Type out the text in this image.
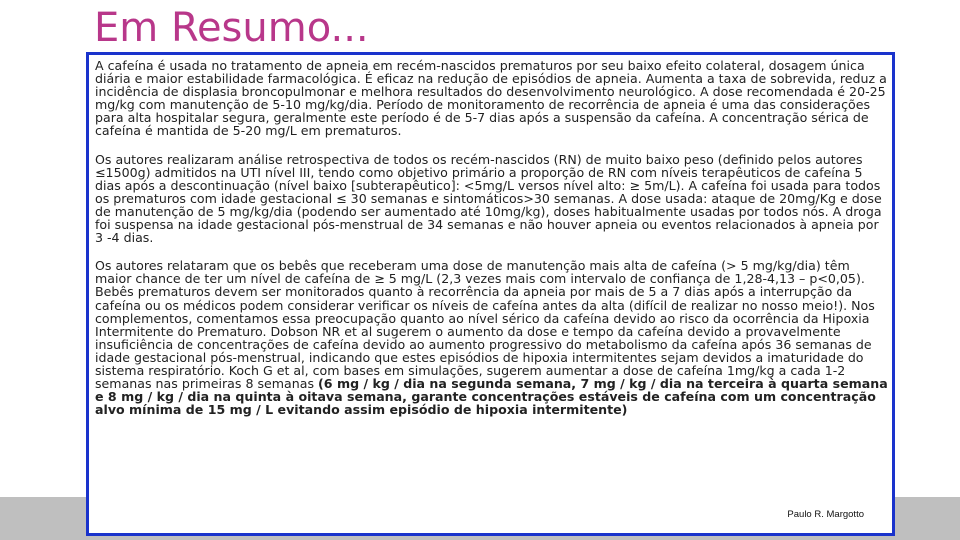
Em Resumo...

A cafeína é usada no tratamento de apneia em recém-nascidos prematuros por seu baixo efeito colateral, dosagem única diária e maior estabilidade farmacológica. É eficaz na redução de episódios de apneia. Aumenta a taxa de sobrevida, reduz a incidência de displasia broncopulmonar e melhora resultados do desenvolvimento neurológico. A dose recomendada é 20-25 mg/kg com manutenção de 5-10 mg/kg/dia. Período de monitoramento de recorrência de apneia é uma das considerações para alta hospitalar segura, geralmente este período é de 5-7 dias após a suspensão da cafeína. A concentração sérica de cafeína é mantida de 5-20 mg/L em prematuros.

Os autores realizaram análise retrospectiva de todos os recém-nascidos (RN) de muito baixo peso (definido pelos autores ≤1500g) admitidos na UTI nível III, tendo como objetivo primário a proporção de RN com níveis terapêuticos de cafeína 5 dias após a descontinuação (nível baixo [subterapêutico]: <5mg/L versos nível alto: ≥ 5m/L). A cafeína foi usada para todos os prematuros com idade gestacional ≤ 30 semanas e sintomáticos>30 semanas. A dose usada: ataque de 20mg/Kg e dose de manutenção de 5 mg/kg/dia (podendo ser aumentado até 10mg/kg), doses habitualmente usadas por todos nós. A droga foi suspensa na idade gestacional pós-menstrual de 34 semanas e não houver apneia ou eventos relacionados à apneia por 3 -4 dias.

Os autores relataram que os bebês que receberam uma dose de manutenção mais alta de cafeína (> 5 mg/kg/dia) têm maior chance de ter um nível de cafeína de ≥ 5 mg/L (2,3 vezes mais com intervalo de confiança de 1,28-4,13 – p<0,05). Bebês prematuros devem ser monitorados quanto à recorrência da apneia por mais de 5 a 7 dias após a interrupção da cafeína ou os médicos podem considerar verificar os níveis de cafeína antes da alta (difícil de realizar no nosso meio!). Nos complementos, comentamos essa preocupação quanto ao nível sérico da cafeína devido ao risco da ocorrência da Hipoxia Intermitente do Prematuro. Dobson NR et al sugerem o aumento da dose e tempo da cafeína devido a provavelmente insuficiência de concentrações de cafeína devido ao aumento progressivo do metabolismo da cafeína após 36 semanas de idade gestacional pós-menstrual, indicando que estes episódios de hipoxia intermitentes sejam devidos a imaturidade do sistema respiratório. Koch G et al, com bases em simulações, sugerem aumentar a dose de cafeína 1mg/kg a cada 1-2 semanas nas primeiras 8 semanas (6 mg / kg / dia na segunda semana, 7 mg / kg / dia na terceira à quarta semana e 8 mg / kg / dia na quinta à oitava semana, garante concentrações estáveis de cafeína com um concentração alvo mínima de 15 mg / L evitando assim episódio de hipoxia intermitente)

Paulo R. Margotto
